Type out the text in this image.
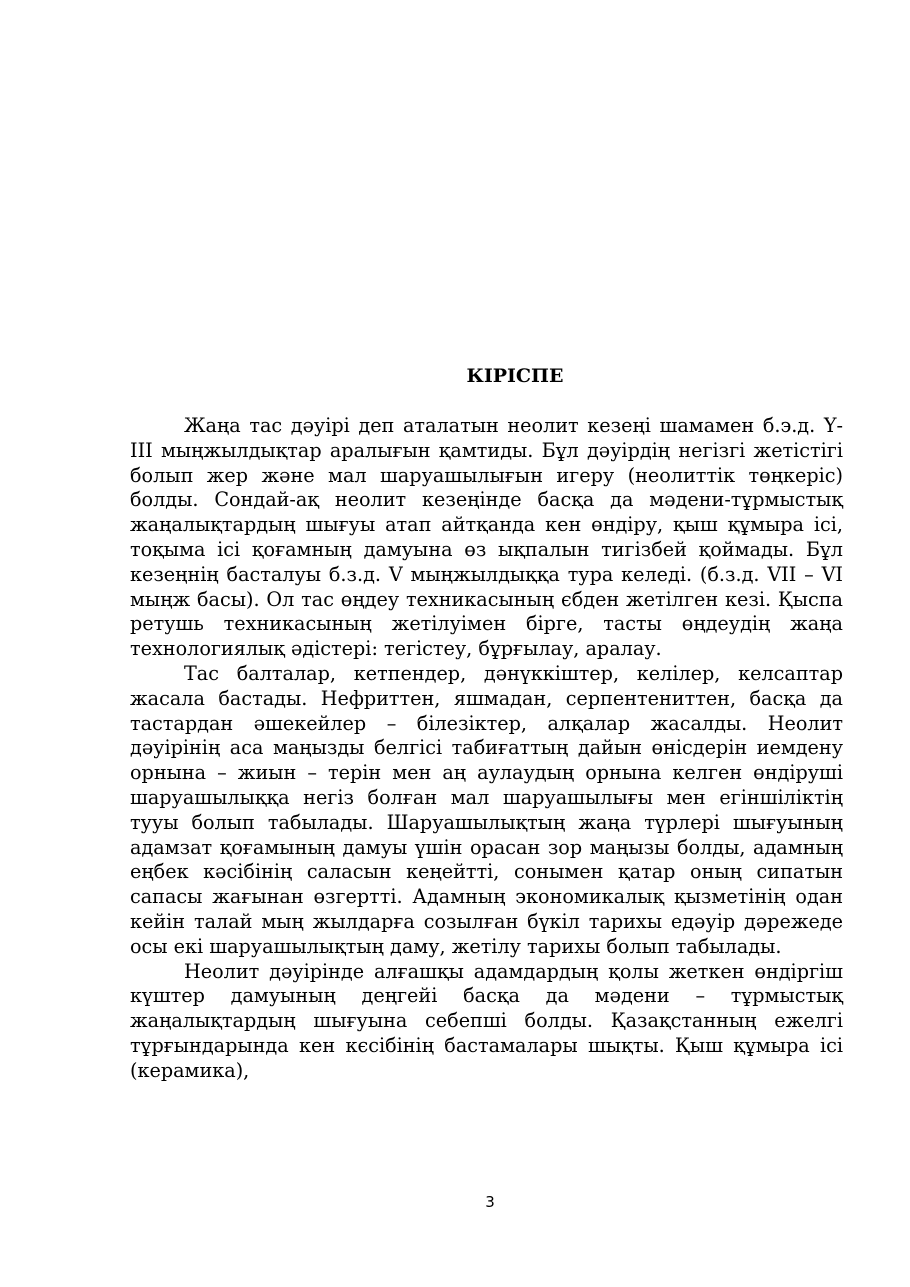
КІРІСПЕ

Жаңа тас дәуірі деп аталатын неолит кезеңі шамамен б.э.д. Ү-ІІІ мыңжылдықтар аралығын қамтиды. Бұл дәуірдің негізгі жетістігі болып жер және мал шаруашылығын игеру (неолиттік төңкеріс) болды. Сондай-ақ неолит кезеңінде басқа да мәдени-тұрмыстық жаңалықтардың шығуы атап айтқанда кен өндіру, қыш құмыра ісі, тоқыма ісі қоғамның дамуына өз ықпалын тигізбей қоймады. Бұл кезеңнің басталуы б.з.д. V мыңжылдыққа тура келеді. (б.з.д. VII – VI мыңж басы). Ол тас өңдеу техникасының єбден жетілген кезі. Қыспа ретушь техникасының жетілуімен бірге, тасты өңдеудің жаңа технологиялық әдістері: тегістеу, бұрғылау, аралау.

Тас балталар, кетпендер, дәнүккіштер, келілер, келсаптар жасала бастады. Нефриттен, яшмадан, серпентениттен, басқа да тастардан әшекейлер – білезіктер, алқалар жасалды. Неолит дәуірінің аса маңызды белгісі табиғаттың дайын өнісдерін иемдену орнына – жиын – терін мен аң аулаудың орнына келген өндіруші шаруашылыққа негіз болған мал шаруашылығы мен егіншіліктің тууы болып табылады. Шаруашылықтың жаңа түрлері шығуының адамзат қоғамының дамуы үшін орасан зор маңызы болды, адамның еңбек кәсібінің саласын кеңейтті, сонымен қатар оның сипатын сапасы жағынан өзгертті. Адамның экономикалық қызметінің одан кейін талай мың жылдарға созылған бүкіл тарихы едәуір дәрежеде осы екі шаруашылықтың даму, жетілу тарихы болып табылады.

Неолит дәуірінде алғашқы адамдардың қолы жеткен өндіргіш күштер дамуының деңгейі басқа да мәдени – тұрмыстық жаңалықтардың шығуына себепші болды. Қазақстанның ежелгі тұрғындарында кен кєсібінің бастамалары шықты. Қыш құмыра ісі (керамика),

3
